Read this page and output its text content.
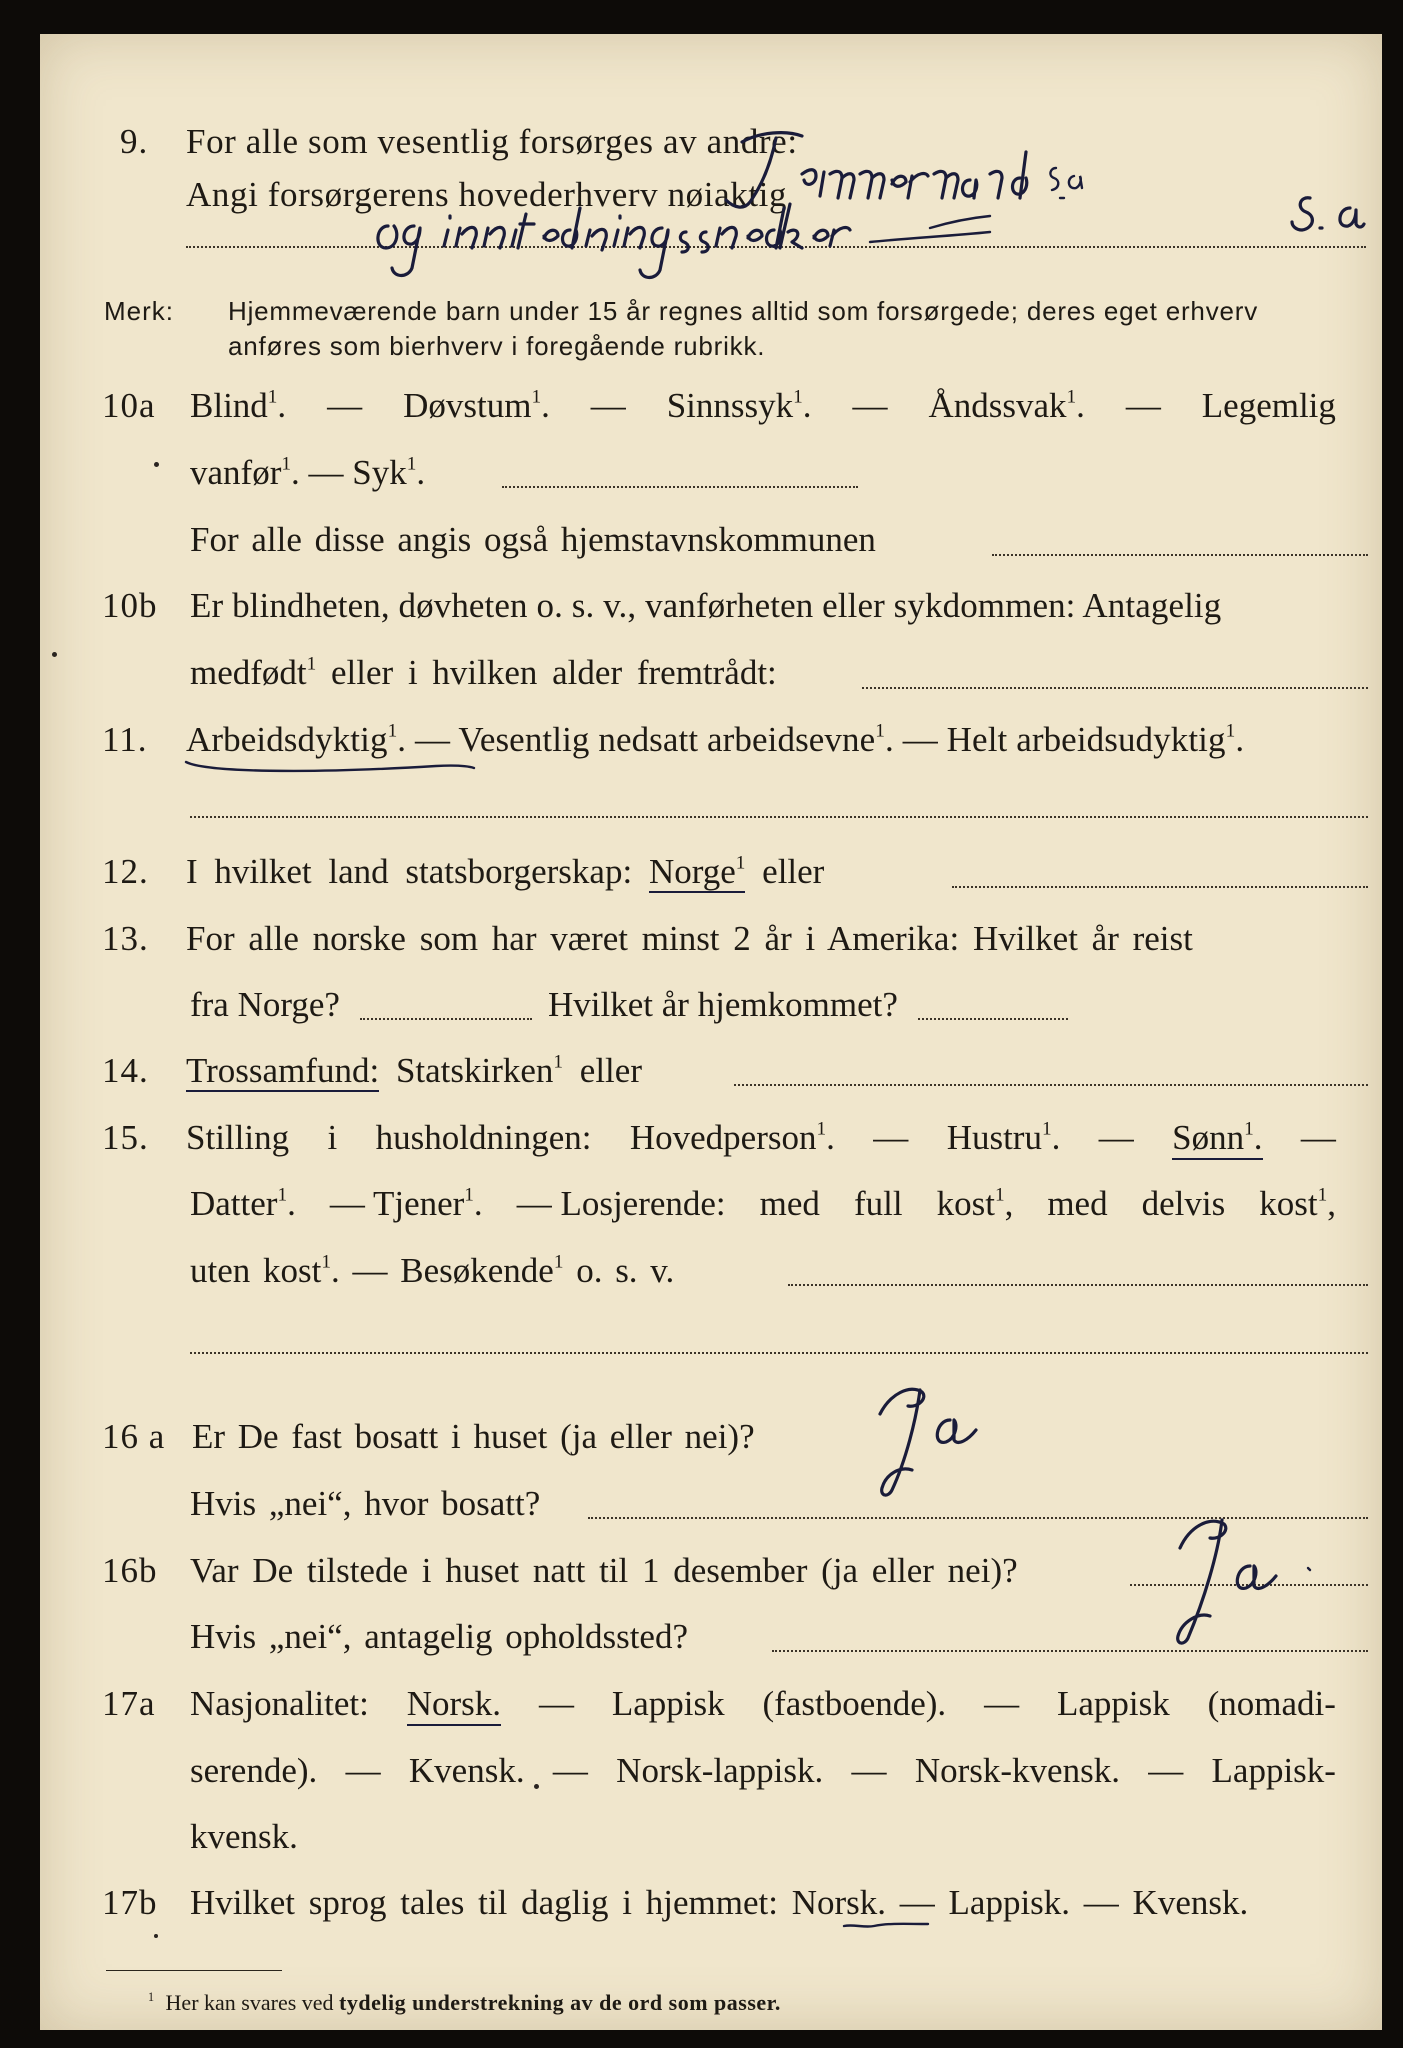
9. For alle som vesentlig forsørges av andre:
Angi forsørgerens hovederhverv nøiaktig
Merk: Hjemmeværende barn under 15 år regnes alltid som forsørgede; deres eget erhverv
anføres som bierhverv i foregående rubrikk.
10a Blind$^1$. — Døvstum$^1$. — Sinnssyk$^1$. — Åndssvak$^1$. — Legemlig
vanfør$^1$. — Syk$^1$.
For alle disse angis også hjemstavnskommunen
10b Er blindheten, døvheten o. s. v., vanførheten eller sykdommen: Antagelig
medfødt$^1$ eller i hvilken alder fremtrådt:
11. Arbeidsdyktig$^1$. — Vesentlig nedsatt arbeidsevne$^1$. — Helt arbeidsudyktig$^1$.
12. I hvilket land statsborgerskap: Norge$^1$ eller
13. For alle norske som har været minst 2 år i Amerika: Hvilket år reist
fra Norge?	Hvilket år hjemkommet?
14. Trossamfund: Statskirken$^1$ eller
15. Stilling i husholdningen: Hovedperson$^1$. — Hustru$^1$. — Sønn$^1$. —
Datter$^1$. — Tjener$^1$. — Losjerende: med full kost$^1$, med delvis kost$^1$,
uten kost$^1$. — Besøkende$^1$ o. s. v.
16 a Er De fast bosatt i huset (ja eller nei)?
Hvis „nei“, hvor bosatt?
16b Var De tilstede i huset natt til 1 desember (ja eller nei)?
Hvis „nei“, antagelig opholdssted?
17a Nasjonalitet: Norsk. — Lappisk (fastboende). — Lappisk (nomadi-
serende). — Kvensk. — Norsk-lappisk. — Norsk-kvensk. — Lappisk-
kvensk.
17b Hvilket sprog tales til daglig i hjemmet: Norsk. — Lappisk. — Kvensk.
$^1$ Her kan svares ved tydelig understrekning av de ord som passer.
